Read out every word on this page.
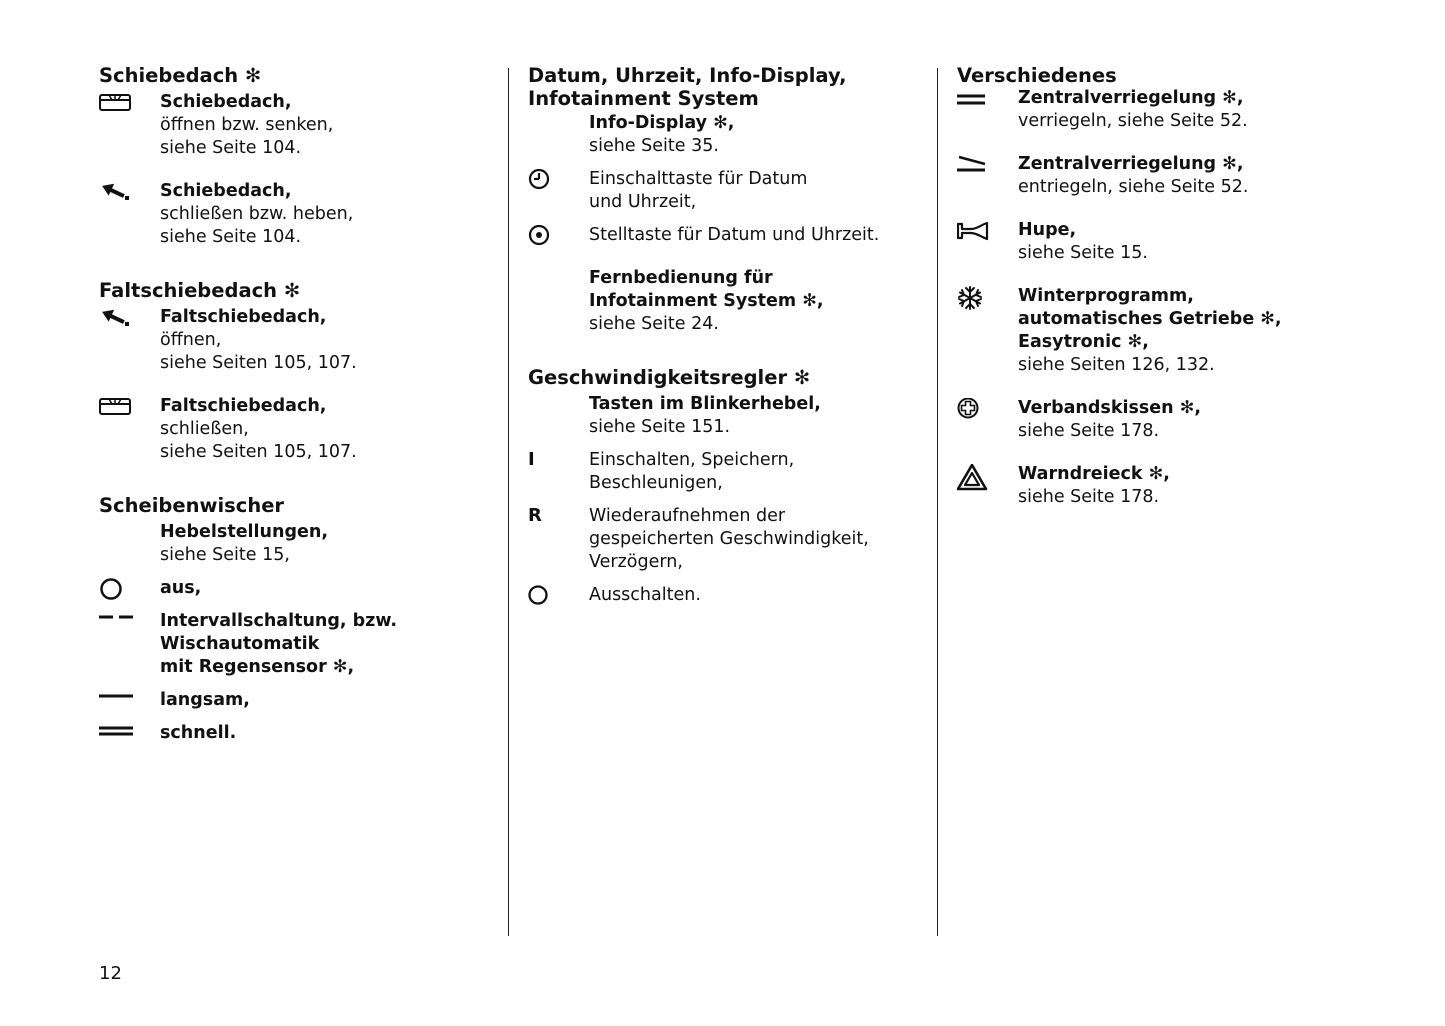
Schiebedach ✻
Schiebedach,
öffnen bzw. senken,
siehe Seite 104.
Schiebedach,
schließen bzw. heben,
siehe Seite 104.
Faltschiebedach ✻
Faltschiebedach,
öffnen,
siehe Seiten 105, 107.
Faltschiebedach,
schließen,
siehe Seiten 105, 107.
Scheibenwischer
Hebelstellungen,
siehe Seite 15,
aus,
Intervallschaltung, bzw.
Wischautomatik
mit Regensensor ✻,
langsam,
schnell.
Datum, Uhrzeit, Info-Display,
Infotainment System
Info-Display ✻,
siehe Seite 35.
Einschalttaste für Datum
und Uhrzeit,
Stelltaste für Datum und Uhrzeit.
Fernbedienung für
Infotainment System ✻,
siehe Seite 24.
Geschwindigkeitsregler ✻
Tasten im Blinkerhebel,
siehe Seite 151.
I	Einschalten, Speichern,
Beschleunigen,
R	Wiederaufnehmen der
gespeicherten Geschwindigkeit,
Verzögern,
Ausschalten.
Verschiedenes
Zentralverriegelung ✻,
verriegeln, siehe Seite 52.
Zentralverriegelung ✻,
entriegeln, siehe Seite 52.
Hupe,
siehe Seite 15.
Winterprogramm,
automatisches Getriebe ✻,
Easytronic ✻,
siehe Seiten 126, 132.
Verbandskissen ✻,
siehe Seite 178.
Warndreieck ✻,
siehe Seite 178.
12
